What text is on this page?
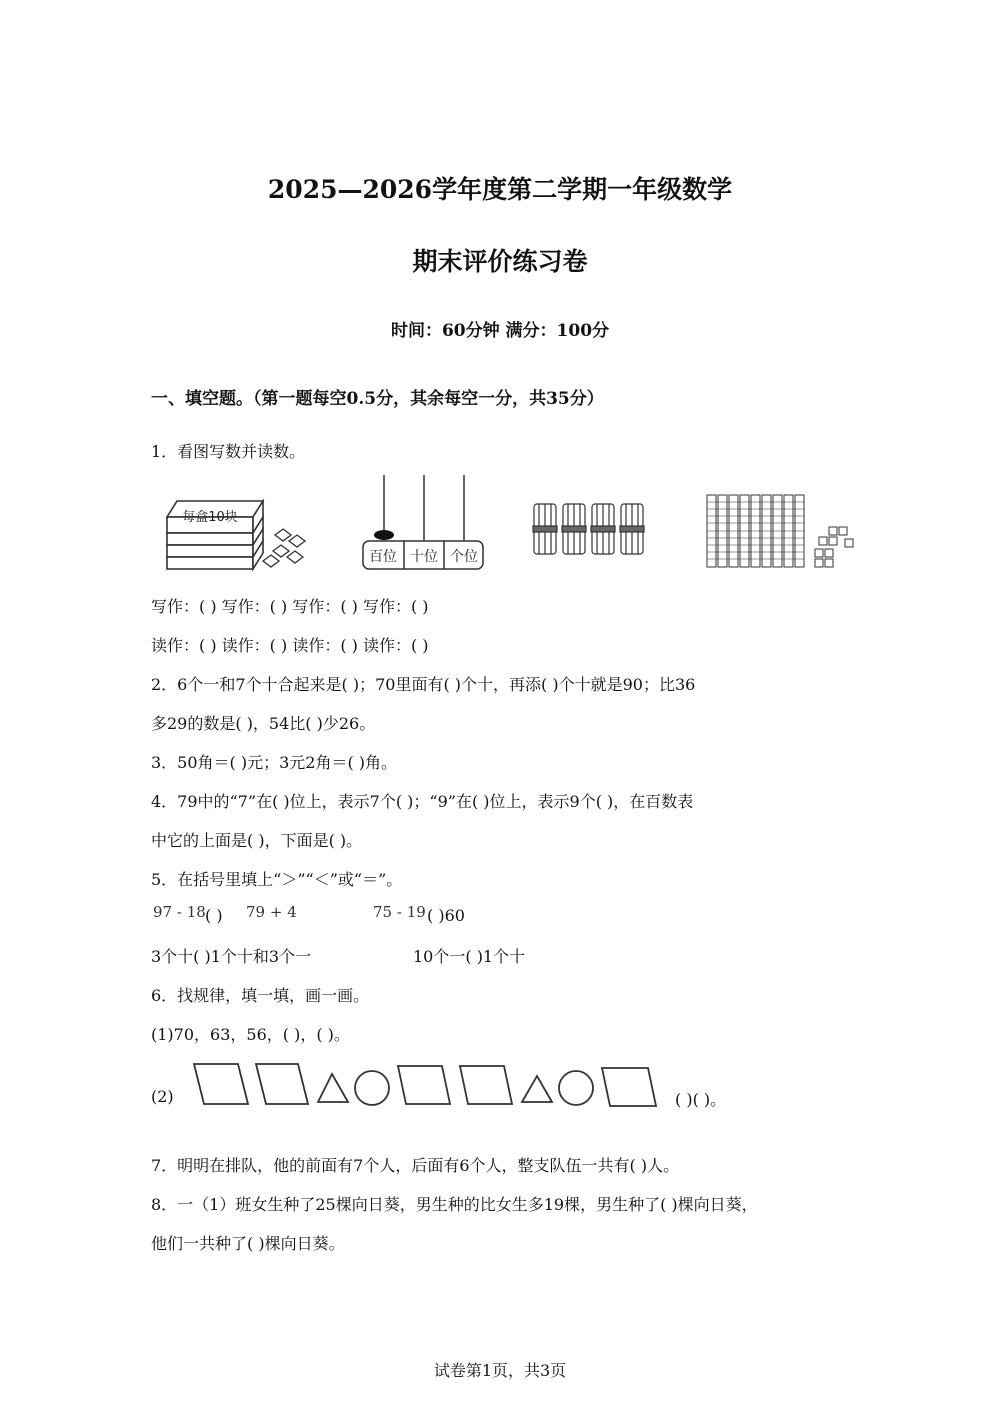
2025—2026学年度第二学期一年级数学
期末评价练习卷
时间：60分钟 满分：100分
一、填空题。（第一题每空0.5分，其余每空一分，共35分）
1．看图写数并读数。
每盒10块
百位 十位 个位
写作：( ) 写作：( ) 写作：( ) 写作：( )
读作：( ) 读作：( ) 读作：( ) 读作：( )
2．6个一和7个十合起来是( )；70里面有( )个十，再添( )个十就是90；比36
多29的数是( )，54比( )少26。
3．50角＝( )元；3元2角＝( )角。
4．79中的“7”在( )位上，表示7个( )；“9”在( )位上，表示9个( )，在百数表
中它的上面是( )，下面是( )。
5．在括号里填上“＞”“＜”或“＝”。
97 - 18 ( ) 79 + 4	75 - 19 ( )60
3个十( )1个十和3个一	10个一( )1个十
6．找规律，填一填，画一画。
(1)70，63，56，( )，( )。
(2)	( )( )。
7．明明在排队，他的前面有7个人，后面有6个人，整支队伍一共有( )人。
8．一（1）班女生种了25棵向日葵，男生种的比女生多19棵，男生种了( )棵向日葵，
他们一共种了( )棵向日葵。
试卷第1页，共3页
